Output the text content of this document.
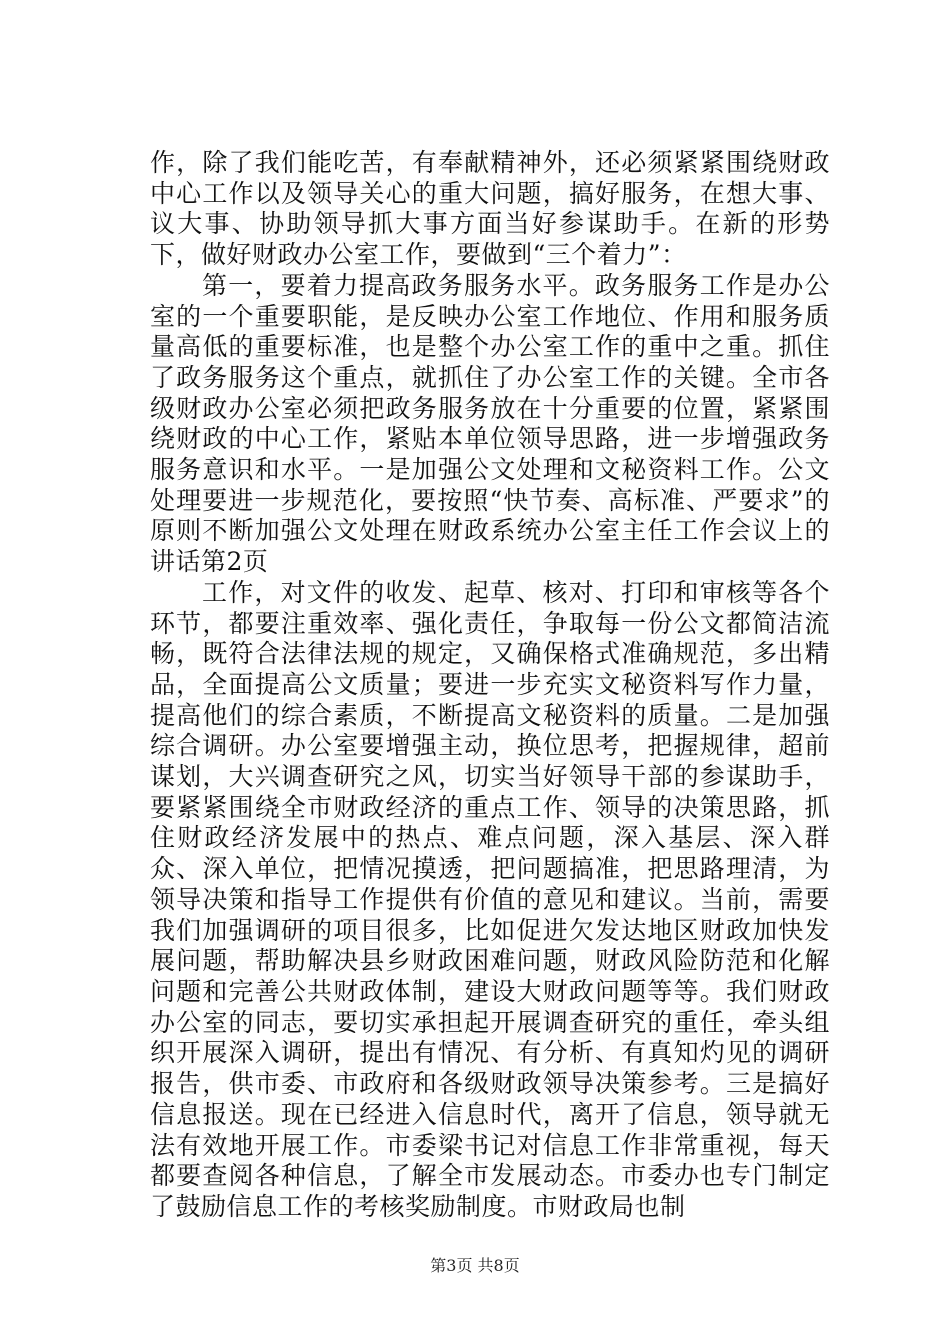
作，除了我们能吃苦，有奉献精神外，还必须紧紧围绕财政中心工作以及领导关心的重大问题，搞好服务，在想大事、议大事、协助领导抓大事方面当好参谋助手。在新的形势下，做好财政办公室工作，要做到“三个着力”：

第一，要着力提高政务服务水平。政务服务工作是办公室的一个重要职能，是反映办公室工作地位、作用和服务质量高低的重要标准，也是整个办公室工作的重中之重。抓住了政务服务这个重点，就抓住了办公室工作的关键。全市各级财政办公室必须把政务服务放在十分重要的位置，紧紧围绕财政的中心工作，紧贴本单位领导思路，进一步增强政务服务意识和水平。一是加强公文处理和文秘资料工作。公文处理要进一步规范化，要按照“快节奏、高标准、严要求”的原则不断加强公文处理在财政系统办公室主任工作会议上的讲话第2页

工作，对文件的收发、起草、核对、打印和审核等各个环节，都要注重效率、强化责任，争取每一份公文都简洁流畅，既符合法律法规的规定，又确保格式准确规范，多出精品，全面提高公文质量；要进一步充实文秘资料写作力量，提高他们的综合素质，不断提高文秘资料的质量。二是加强综合调研。办公室要增强主动，换位思考，把握规律，超前谋划，大兴调查研究之风，切实当好领导干部的参谋助手，要紧紧围绕全市财政经济的重点工作、领导的决策思路，抓住财政经济发展中的热点、难点问题，深入基层、深入群众、深入单位，把情况摸透，把问题搞准，把思路理清，为领导决策和指导工作提供有价值的意见和建议。当前，需要我们加强调研的项目很多，比如促进欠发达地区财政加快发展问题，帮助解决县乡财政困难问题，财政风险防范和化解问题和完善公共财政体制，建设大财政问题等等。我们财政办公室的同志，要切实承担起开展调查研究的重任，牵头组织开展深入调研，提出有情况、有分析、有真知灼见的调研报告，供市委、市政府和各级财政领导决策参考。三是搞好信息报送。现在已经进入信息时代，离开了信息，领导就无法有效地开展工作。市委梁书记对信息工作非常重视，每天都要查阅各种信息，了解全市发展动态。市委办也专门制定了鼓励信息工作的考核奖励制度。市财政局也制

第3页 共8页
